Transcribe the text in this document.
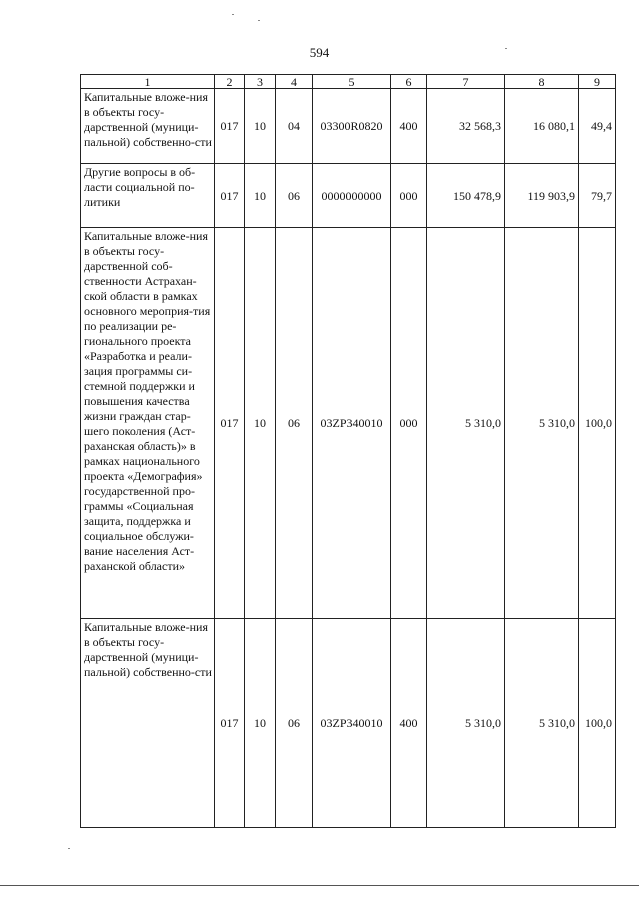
594
1	2	3	4	5	6	7	8	9
Капитальные вложе-ния в объекты госу-дарственной (муници-пальной) собственно-сти	017	10	04	03300R0820	400	32 568,3	16 080,1	49,4
Другие вопросы в об-ласти социальной по-литики	017	10	06	0000000000	000	150 478,9	119 903,9	79,7
Капитальные вложе-ния в объекты госу-дарственной соб-ственности Астрахан-ской области в рамках основного мероприя-тия по реализации ре-гионального проекта «Разработка и реали-зация программы си-стемной поддержки и повышения качества жизни граждан стар-шего поколения (Аст-раханская область)» в рамках национального проекта «Демография» государственной про-граммы «Социальная защита, поддержка и социальное обслужи-вание населения Аст-раханской области»	017	10	06	03ZP340010	000	5 310,0	5 310,0	100,0
Капитальные вложе-ния в объекты госу-дарственной (муници-пальной) собственно-сти	017	10	06	03ZP340010	400	5 310,0	5 310,0	100,0
